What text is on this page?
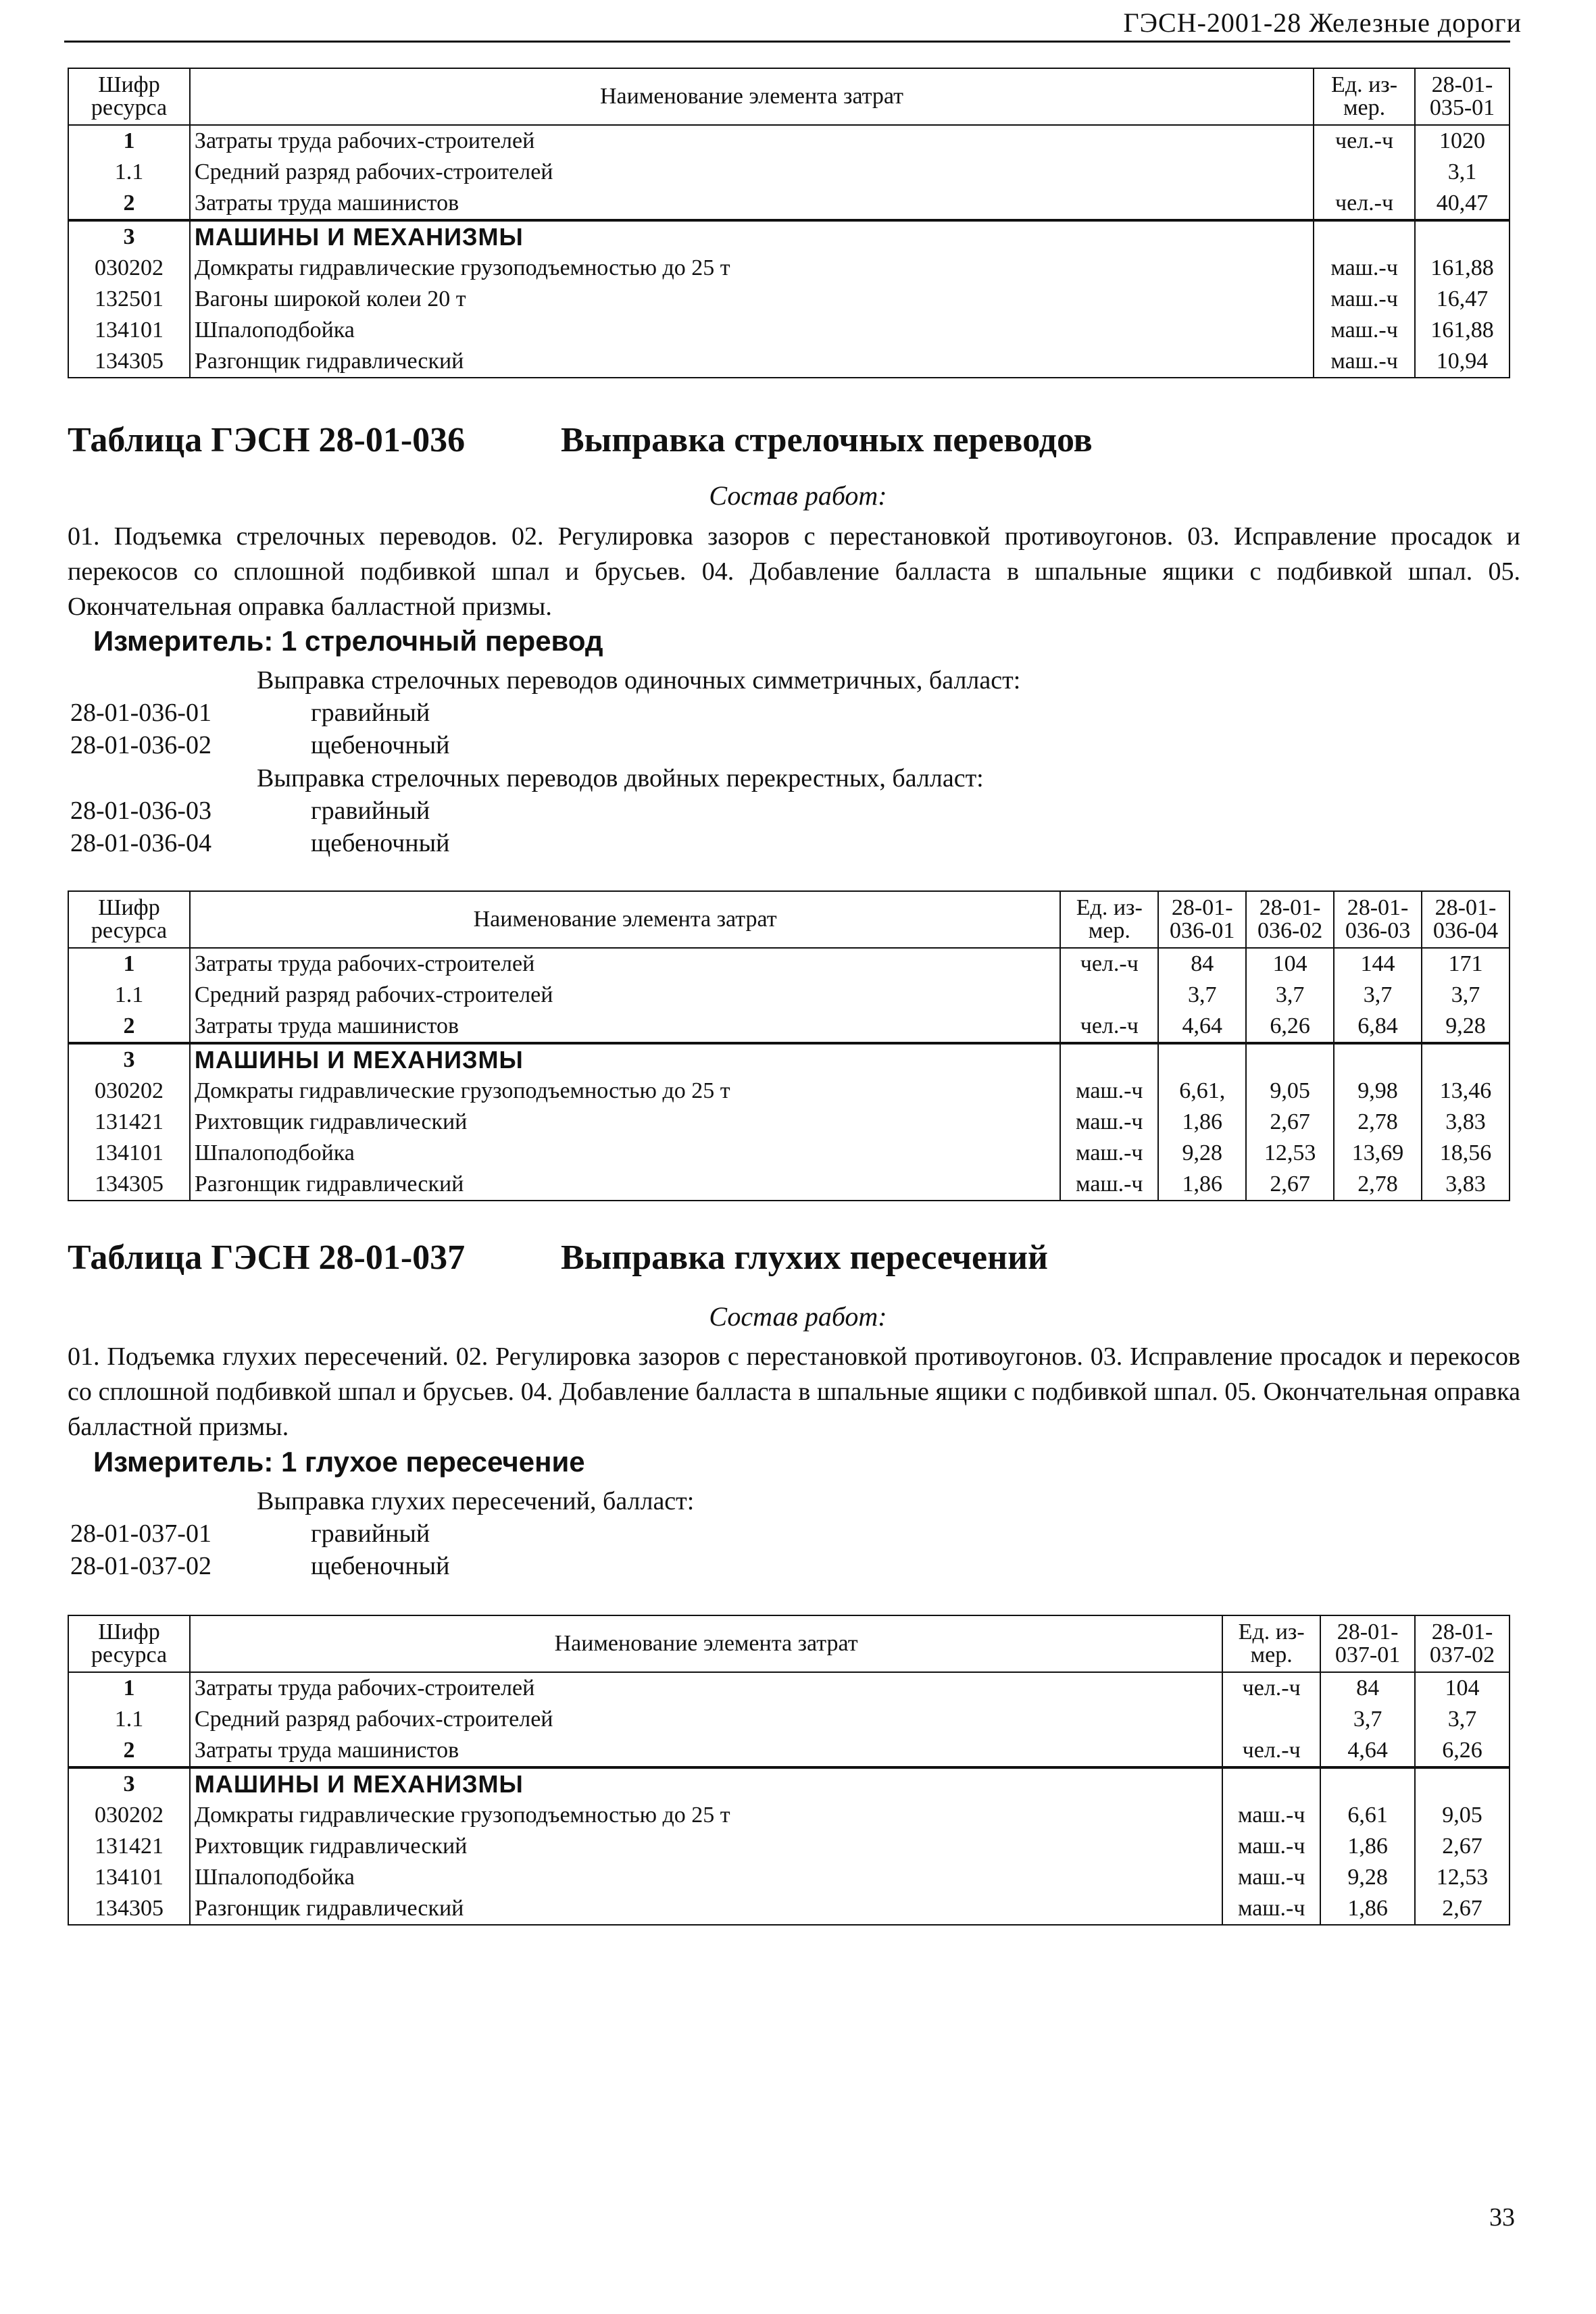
ГЭСН-2001-28 Железные дороги
Шифр ресурса	Наименование элемента затрат	Ед. из-мер.	28-01-035-01
1	Затраты труда рабочих-строителей	чел.-ч	1020
1.1	Средний разряд рабочих-строителей		3,1
2	Затраты труда машинистов	чел.-ч	40,47
3	МАШИНЫ И МЕХАНИЗМЫ		
030202	Домкраты гидравлические грузоподъемностью до 25 т	маш.-ч	161,88
132501	Вагоны широкой колеи 20 т	маш.-ч	16,47
134101	Шпалоподбойка	маш.-ч	161,88
134305	Разгонщик гидравлический	маш.-ч	10,94
Таблица ГЭСН 28-01-036	Выправка стрелочных переводов
Состав работ:
01. Подъемка стрелочных переводов. 02. Регулировка зазоров с перестановкой противоугонов. 03. Исправление просадок и перекосов со сплошной подбивкой шпал и брусьев. 04. Добавление балласта в шпальные ящики с подбивкой шпал. 05. Окончательная оправка балластной призмы.
Измеритель: 1 стрелочный перевод
Выправка стрелочных переводов одиночных симметричных, балласт:
28-01-036-01	гравийный
28-01-036-02	щебеночный
Выправка стрелочных переводов двойных перекрестных, балласт:
28-01-036-03	гравийный
28-01-036-04	щебеночный
Шифр ресурса	Наименование элемента затрат	Ед. из-мер.	28-01-036-01	28-01-036-02	28-01-036-03	28-01-036-04
1	Затраты труда рабочих-строителей	чел.-ч	84	104	144	171
1.1	Средний разряд рабочих-строителей		3,7	3,7	3,7	3,7
2	Затраты труда машинистов	чел.-ч	4,64	6,26	6,84	9,28
3	МАШИНЫ И МЕХАНИЗМЫ					
030202	Домкраты гидравлические грузоподъемностью до 25 т	маш.-ч	6,61,	9,05	9,98	13,46
131421	Рихтовщик гидравлический	маш.-ч	1,86	2,67	2,78	3,83
134101	Шпалоподбойка	маш.-ч	9,28	12,53	13,69	18,56
134305	Разгонщик гидравлический	маш.-ч	1,86	2,67	2,78	3,83
Таблица ГЭСН 28-01-037	Выправка глухих пересечений
Состав работ:
01. Подъемка глухих пересечений. 02. Регулировка зазоров с перестановкой противоугонов. 03. Исправление просадок и перекосов со сплошной подбивкой шпал и брусьев. 04. Добавление балласта в шпальные ящики с подбивкой шпал. 05. Окончательная оправка балластной призмы.
Измеритель: 1 глухое пересечение
Выправка глухих пересечений, балласт:
28-01-037-01	гравийный
28-01-037-02	щебеночный
Шифр ресурса	Наименование элемента затрат	Ед. из-мер.	28-01-037-01	28-01-037-02
1	Затраты труда рабочих-строителей	чел.-ч	84	104
1.1	Средний разряд рабочих-строителей		3,7	3,7
2	Затраты труда машинистов	чел.-ч	4,64	6,26
3	МАШИНЫ И МЕХАНИЗМЫ			
030202	Домкраты гидравлические грузоподъемностью до 25 т	маш.-ч	6,61	9,05
131421	Рихтовщик гидравлический	маш.-ч	1,86	2,67
134101	Шпалоподбойка	маш.-ч	9,28	12,53
134305	Разгонщик гидравлический	маш.-ч	1,86	2,67
33
